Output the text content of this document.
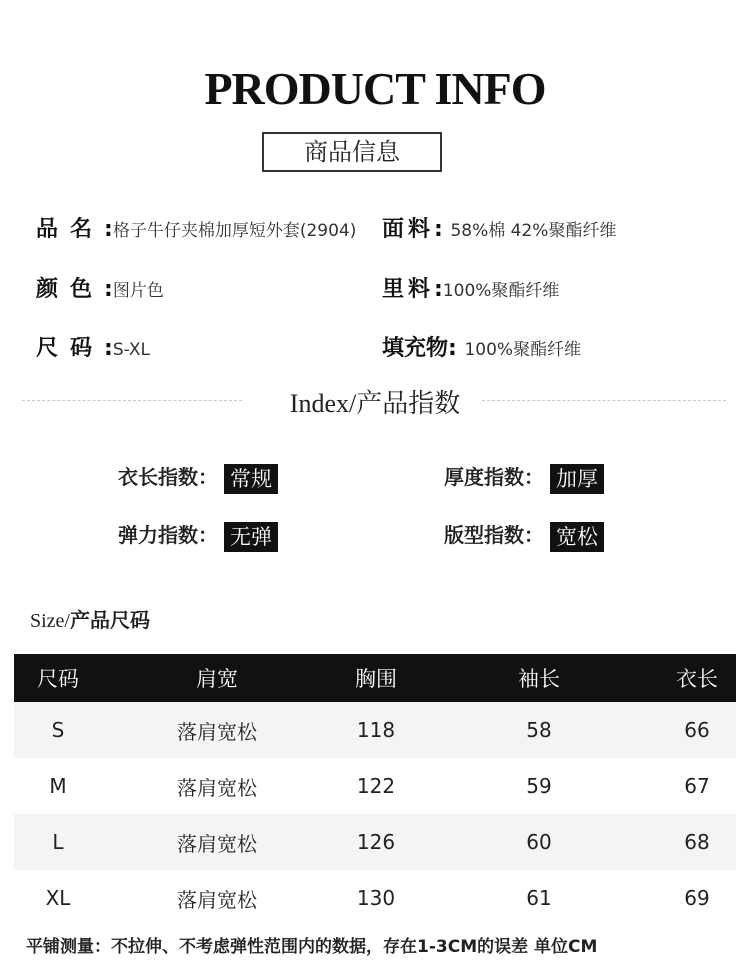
PRODUCT INFO
商品信息
品名:格子牛仔夹棉加厚短外套(2904) 面料: 58%棉 42%聚酯纤维
颜色:图片色	里料:100%聚酯纤维
尺码:S-XL	填充物: 100%聚酯纤维
Index/产品指数
衣长指数： 常规	厚度指数： 加厚
弹力指数： 无弹	版型指数： 宽松
Size/产品尺码
尺码	肩宽	胸围	袖长	衣长
S	落肩宽松	118	58	66
M	落肩宽松	122	59	67
L	落肩宽松	126	60	68
XL	落肩宽松	130	61	69
平铺测量：不拉伸、不考虑弹性范围内的数据，存在1-3CM的误差 单位CM
